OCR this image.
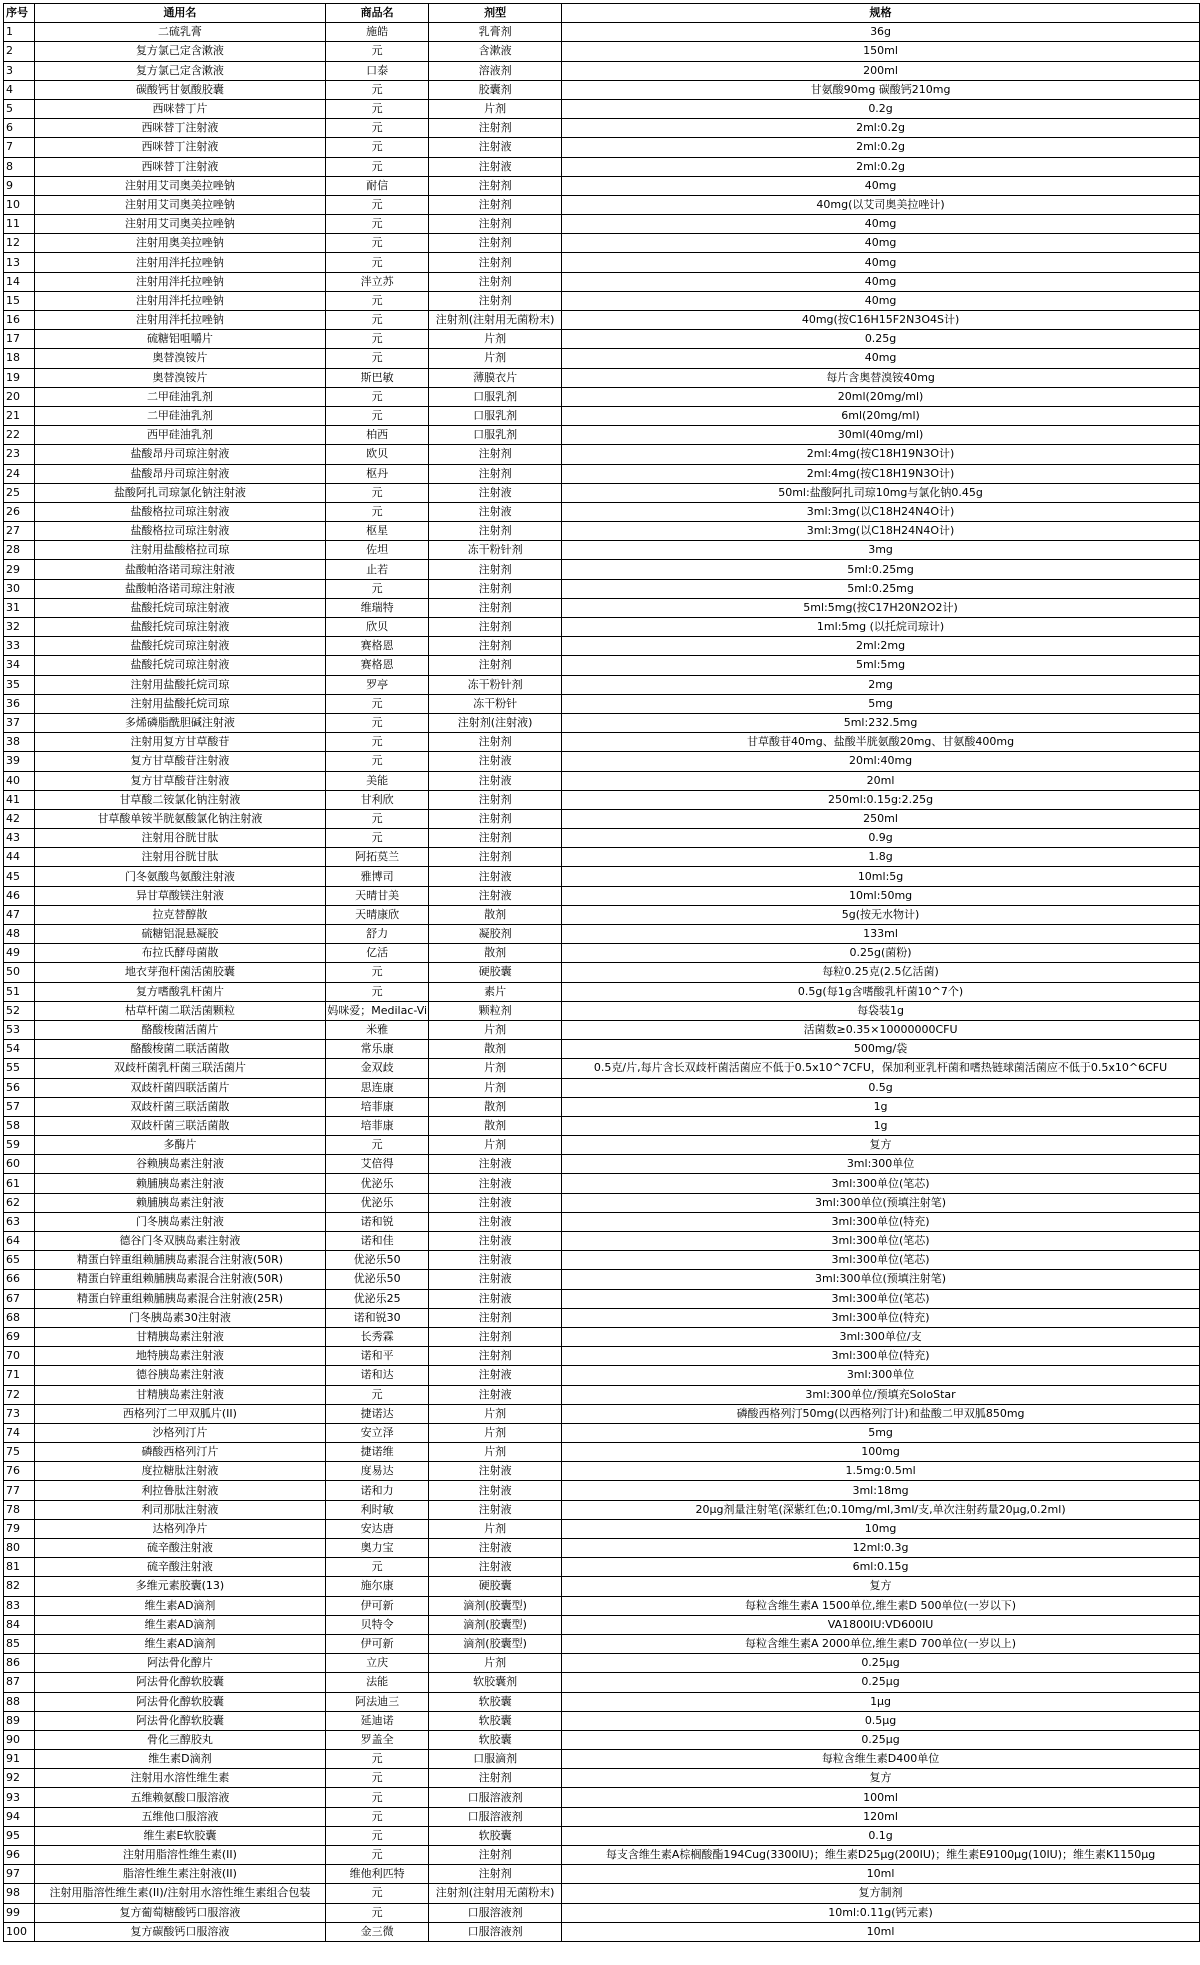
序号	通用名	商品名	剂型	规格
1	二硫乳膏	施皓	乳膏剂	36g
2	复方氯己定含漱液	元	含漱液	150ml
3	复方氯己定含漱液	口泰	溶液剂	200ml
4	碳酸钙甘氨酸胶囊	元	胶囊剂	甘氨酸90mg 碳酸钙210mg
5	西咪替丁片	元	片剂	0.2g
6	西咪替丁注射液	元	注射剂	2ml:0.2g
7	西咪替丁注射液	元	注射液	2ml:0.2g
8	西咪替丁注射液	元	注射液	2ml:0.2g
9	注射用艾司奥美拉唑钠	耐信	注射剂	40mg
10	注射用艾司奥美拉唑钠	元	注射剂	40mg(以艾司奥美拉唑计)
11	注射用艾司奥美拉唑钠	元	注射剂	40mg
12	注射用奥美拉唑钠	元	注射剂	40mg
13	注射用泮托拉唑钠	元	注射剂	40mg
14	注射用泮托拉唑钠	泮立苏	注射剂	40mg
15	注射用泮托拉唑钠	元	注射剂	40mg
16	注射用泮托拉唑钠	元	注射剂(注射用无菌粉末)	40mg(按C16H15F2N3O4S计)
17	硫糖铝咀嚼片	元	片剂	0.25g
18	奥替溴铵片	元	片剂	40mg
19	奥替溴铵片	斯巴敏	薄膜衣片	每片含奥替溴铵40mg
20	二甲硅油乳剂	元	口服乳剂	20ml(20mg/ml)
21	二甲硅油乳剂	元	口服乳剂	6ml(20mg/ml)
22	西甲硅油乳剂	柏西	口服乳剂	30ml(40mg/ml)
23	盐酸昂丹司琼注射液	欧贝	注射剂	2ml:4mg(按C18H19N3O计)
24	盐酸昂丹司琼注射液	枢丹	注射剂	2ml:4mg(按C18H19N3O计)
25	盐酸阿扎司琼氯化钠注射液	元	注射液	50ml:盐酸阿扎司琼10mg与氯化钠0.45g
26	盐酸格拉司琼注射液	元	注射液	3ml:3mg(以C18H24N4O计)
27	盐酸格拉司琼注射液	枢星	注射剂	3ml:3mg(以C18H24N4O计)
28	注射用盐酸格拉司琼	佐坦	冻干粉针剂	3mg
29	盐酸帕洛诺司琼注射液	止若	注射剂	5ml:0.25mg
30	盐酸帕洛诺司琼注射液	元	注射剂	5ml:0.25mg
31	盐酸托烷司琼注射液	维瑞特	注射剂	5ml:5mg(按C17H20N2O2计)
32	盐酸托烷司琼注射液	欣贝	注射剂	1ml:5mg (以托烷司琼计)
33	盐酸托烷司琼注射液	赛格恩	注射剂	2ml:2mg
34	盐酸托烷司琼注射液	赛格恩	注射剂	5ml:5mg
35	注射用盐酸托烷司琼	罗亭	冻干粉针剂	2mg
36	注射用盐酸托烷司琼	元	冻干粉针	5mg
37	多烯磷脂酰胆碱注射液	元	注射剂(注射液)	5ml:232.5mg
38	注射用复方甘草酸苷	元	注射剂	甘草酸苷40mg、盐酸半胱氨酸20mg、甘氨酸400mg
39	复方甘草酸苷注射液	元	注射液	20ml:40mg
40	复方甘草酸苷注射液	美能	注射液	20ml
41	甘草酸二铵氯化钠注射液	甘利欣	注射剂	250ml:0.15g:2.25g
42	甘草酸单铵半胱氨酸氯化钠注射液	元	注射剂	250ml
43	注射用谷胱甘肽	元	注射剂	0.9g
44	注射用谷胱甘肽	阿拓莫兰	注射剂	1.8g
45	门冬氨酸鸟氨酸注射液	雅博司	注射液	10ml:5g
46	异甘草酸镁注射液	天晴甘美	注射液	10ml:50mg
47	拉克替醇散	天晴康欣	散剂	5g(按无水物计)
48	硫糖铝混悬凝胶	舒力	凝胶剂	133ml
49	布拉氏酵母菌散	亿活	散剂	0.25g(菌粉)
50	地衣芽孢杆菌活菌胶囊	元	硬胶囊	每粒0.25克(2.5亿活菌)
51	复方嗜酸乳杆菌片	元	素片	0.5g(每1g含嗜酸乳杆菌10^7个)
52	枯草杆菌二联活菌颗粒	妈咪爱；Medilac-Vi	颗粒剂	每袋装1g
53	酪酸梭菌活菌片	米雅	片剂	活菌数≥0.35×10000000CFU
54	酪酸梭菌二联活菌散	常乐康	散剂	500mg/袋
55	双歧杆菌乳杆菌三联活菌片	金双歧	片剂	0.5克/片,每片含长双歧杆菌活菌应不低于0.5x10^7CFU，保加利亚乳杆菌和嗜热链球菌活菌应不低于0.5x10^6CFU
56	双歧杆菌四联活菌片	思连康	片剂	0.5g
57	双歧杆菌三联活菌散	培菲康	散剂	1g
58	双歧杆菌三联活菌散	培菲康	散剂	1g
59	多酶片	元	片剂	复方
60	谷赖胰岛素注射液	艾倍得	注射液	3ml:300单位
61	赖脯胰岛素注射液	优泌乐	注射液	3ml:300单位(笔芯)
62	赖脯胰岛素注射液	优泌乐	注射液	3ml:300单位(预填注射笔)
63	门冬胰岛素注射液	诺和锐	注射液	3ml:300单位(特充)
64	德谷门冬双胰岛素注射液	诺和佳	注射液	3ml:300单位(笔芯)
65	精蛋白锌重组赖脯胰岛素混合注射液(50R)	优泌乐50	注射液	3ml:300单位(笔芯)
66	精蛋白锌重组赖脯胰岛素混合注射液(50R)	优泌乐50	注射液	3ml:300单位(预填注射笔)
67	精蛋白锌重组赖脯胰岛素混合注射液(25R)	优泌乐25	注射液	3ml:300单位(笔芯)
68	门冬胰岛素30注射液	诺和锐30	注射剂	3ml:300单位(特充)
69	甘精胰岛素注射液	长秀霖	注射剂	3ml:300单位/支
70	地特胰岛素注射液	诺和平	注射剂	3ml:300单位(特充)
71	德谷胰岛素注射液	诺和达	注射液	3ml:300单位
72	甘精胰岛素注射液	元	注射液	3ml:300单位/预填充SoloStar
73	西格列汀二甲双胍片(II)	捷诺达	片剂	磷酸西格列汀50mg(以西格列汀计)和盐酸二甲双胍850mg
74	沙格列汀片	安立泽	片剂	5mg
75	磷酸西格列汀片	捷诺维	片剂	100mg
76	度拉糖肽注射液	度易达	注射液	1.5mg:0.5ml
77	利拉鲁肽注射液	诺和力	注射液	3ml:18mg
78	利司那肽注射液	利时敏	注射液	20μg剂量注射笔(深紫红色;0.10mg/ml,3ml/支,单次注射药量20μg,0.2ml)
79	达格列净片	安达唐	片剂	10mg
80	硫辛酸注射液	奥力宝	注射液	12ml:0.3g
81	硫辛酸注射液	元	注射液	6ml:0.15g
82	多维元素胶囊(13)	施尔康	硬胶囊	复方
83	维生素AD滴剂	伊可新	滴剂(胶囊型)	每粒含维生素A 1500单位,维生素D 500单位(一岁以下)
84	维生素AD滴剂	贝特令	滴剂(胶囊型)	VA1800IU:VD600IU
85	维生素AD滴剂	伊可新	滴剂(胶囊型)	每粒含维生素A 2000单位,维生素D 700单位(一岁以上)
86	阿法骨化醇片	立庆	片剂	0.25μg
87	阿法骨化醇软胶囊	法能	软胶囊剂	0.25μg
88	阿法骨化醇软胶囊	阿法迪三	软胶囊	1μg
89	阿法骨化醇软胶囊	延迪诺	软胶囊	0.5μg
90	骨化三醇胶丸	罗盖全	软胶囊	0.25μg
91	维生素D滴剂	元	口服滴剂	每粒含维生素D400单位
92	注射用水溶性维生素	元	注射剂	复方
93	五维赖氨酸口服溶液	元	口服溶液剂	100ml
94	五维他口服溶液	元	口服溶液剂	120ml
95	维生素E软胶囊	元	软胶囊	0.1g
96	注射用脂溶性维生素(II)	元	注射剂	每支含维生素A棕榈酸酯194Cug(3300IU)；维生素D25μg(200IU)；维生素E9100μg(10IU)；维生素K1150μg
97	脂溶性维生素注射液(II)	维他利匹特	注射剂	10ml
98	注射用脂溶性维生素(II)/注射用水溶性维生素组合包装	元	注射剂(注射用无菌粉末)	复方制剂
99	复方葡萄糖酸钙口服溶液	元	口服溶液剂	10ml:0.11g(钙元素)
100	复方碳酸钙口服溶液	金三微	口服溶液剂	10ml
